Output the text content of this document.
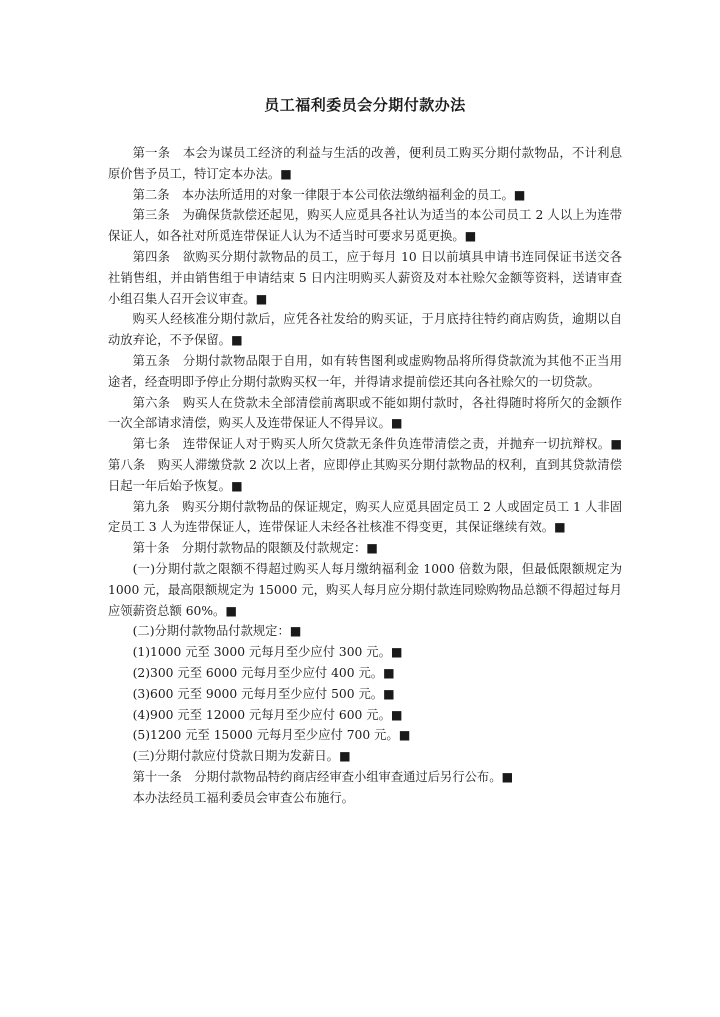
员工福利委员会分期付款办法

第一条　本会为谋员工经济的利益与生活的改善，便利员工购买分期付款物品，不计利息原价售予员工，特订定本办法。■

第二条　本办法所适用的对象一律限于本公司依法缴纳福利金的员工。■

第三条　为确保货款偿还起见，购买人应觅具各社认为适当的本公司员工 2 人以上为连带保证人，如各社对所觅连带保证人认为不适当时可要求另觅更换。■

第四条　欲购买分期付款物品的员工，应于每月 10 日以前填具申请书连同保证书送交各社销售组，并由销售组于申请结束 5 日内注明购买人薪资及对本社赊欠金额等资料，送请审查小组召集人召开会议审查。■

购买人经核准分期付款后，应凭各社发给的购买证，于月底持往特约商店购货，逾期以自动放弃论，不予保留。■

第五条　分期付款物品限于自用，如有转售图利或虚购物品将所得贷款流为其他不正当用途者，经查明即予停止分期付款购买权一年，并得请求提前偿还其向各社赊欠的一切贷款。

第六条　购买人在贷款未全部清偿前离职或不能如期付款时，各社得随时将所欠的金额作一次全部请求清偿，购买人及连带保证人不得异议。■

第七条　连带保证人对于购买人所欠贷款无条件负连带清偿之责，并抛弃一切抗辩权。■ 第八条　购买人滞缴贷款 2 次以上者，应即停止其购买分期付款物品的权利，直到其贷款清偿日起一年后始予恢复。■

第九条　购买分期付款物品的保证规定，购买人应觅具固定员工 2 人或固定员工 1 人非固定员工 3 人为连带保证人，连带保证人未经各社核准不得变更，其保证继续有效。■

第十条　分期付款物品的限额及付款规定：■

(一)分期付款之限额不得超过购买人每月缴纳福利金 1000 倍数为限，但最低限额规定为 1000 元，最高限额规定为 15000 元，购买人每月应分期付款连同赊购物品总额不得超过每月应领薪资总额 60%。■

(二)分期付款物品付款规定：■

(1)1000 元至 3000 元每月至少应付 300 元。■

(2)300 元至 6000 元每月至少应付 400 元。■

(3)600 元至 9000 元每月至少应付 500 元。■

(4)900 元至 12000 元每月至少应付 600 元。■

(5)1200 元至 15000 元每月至少应付 700 元。■

(三)分期付款应付贷款日期为发薪日。■

第十一条　分期付款物品特约商店经审查小组审查通过后另行公布。■

本办法经员工福利委员会审查公布施行。
